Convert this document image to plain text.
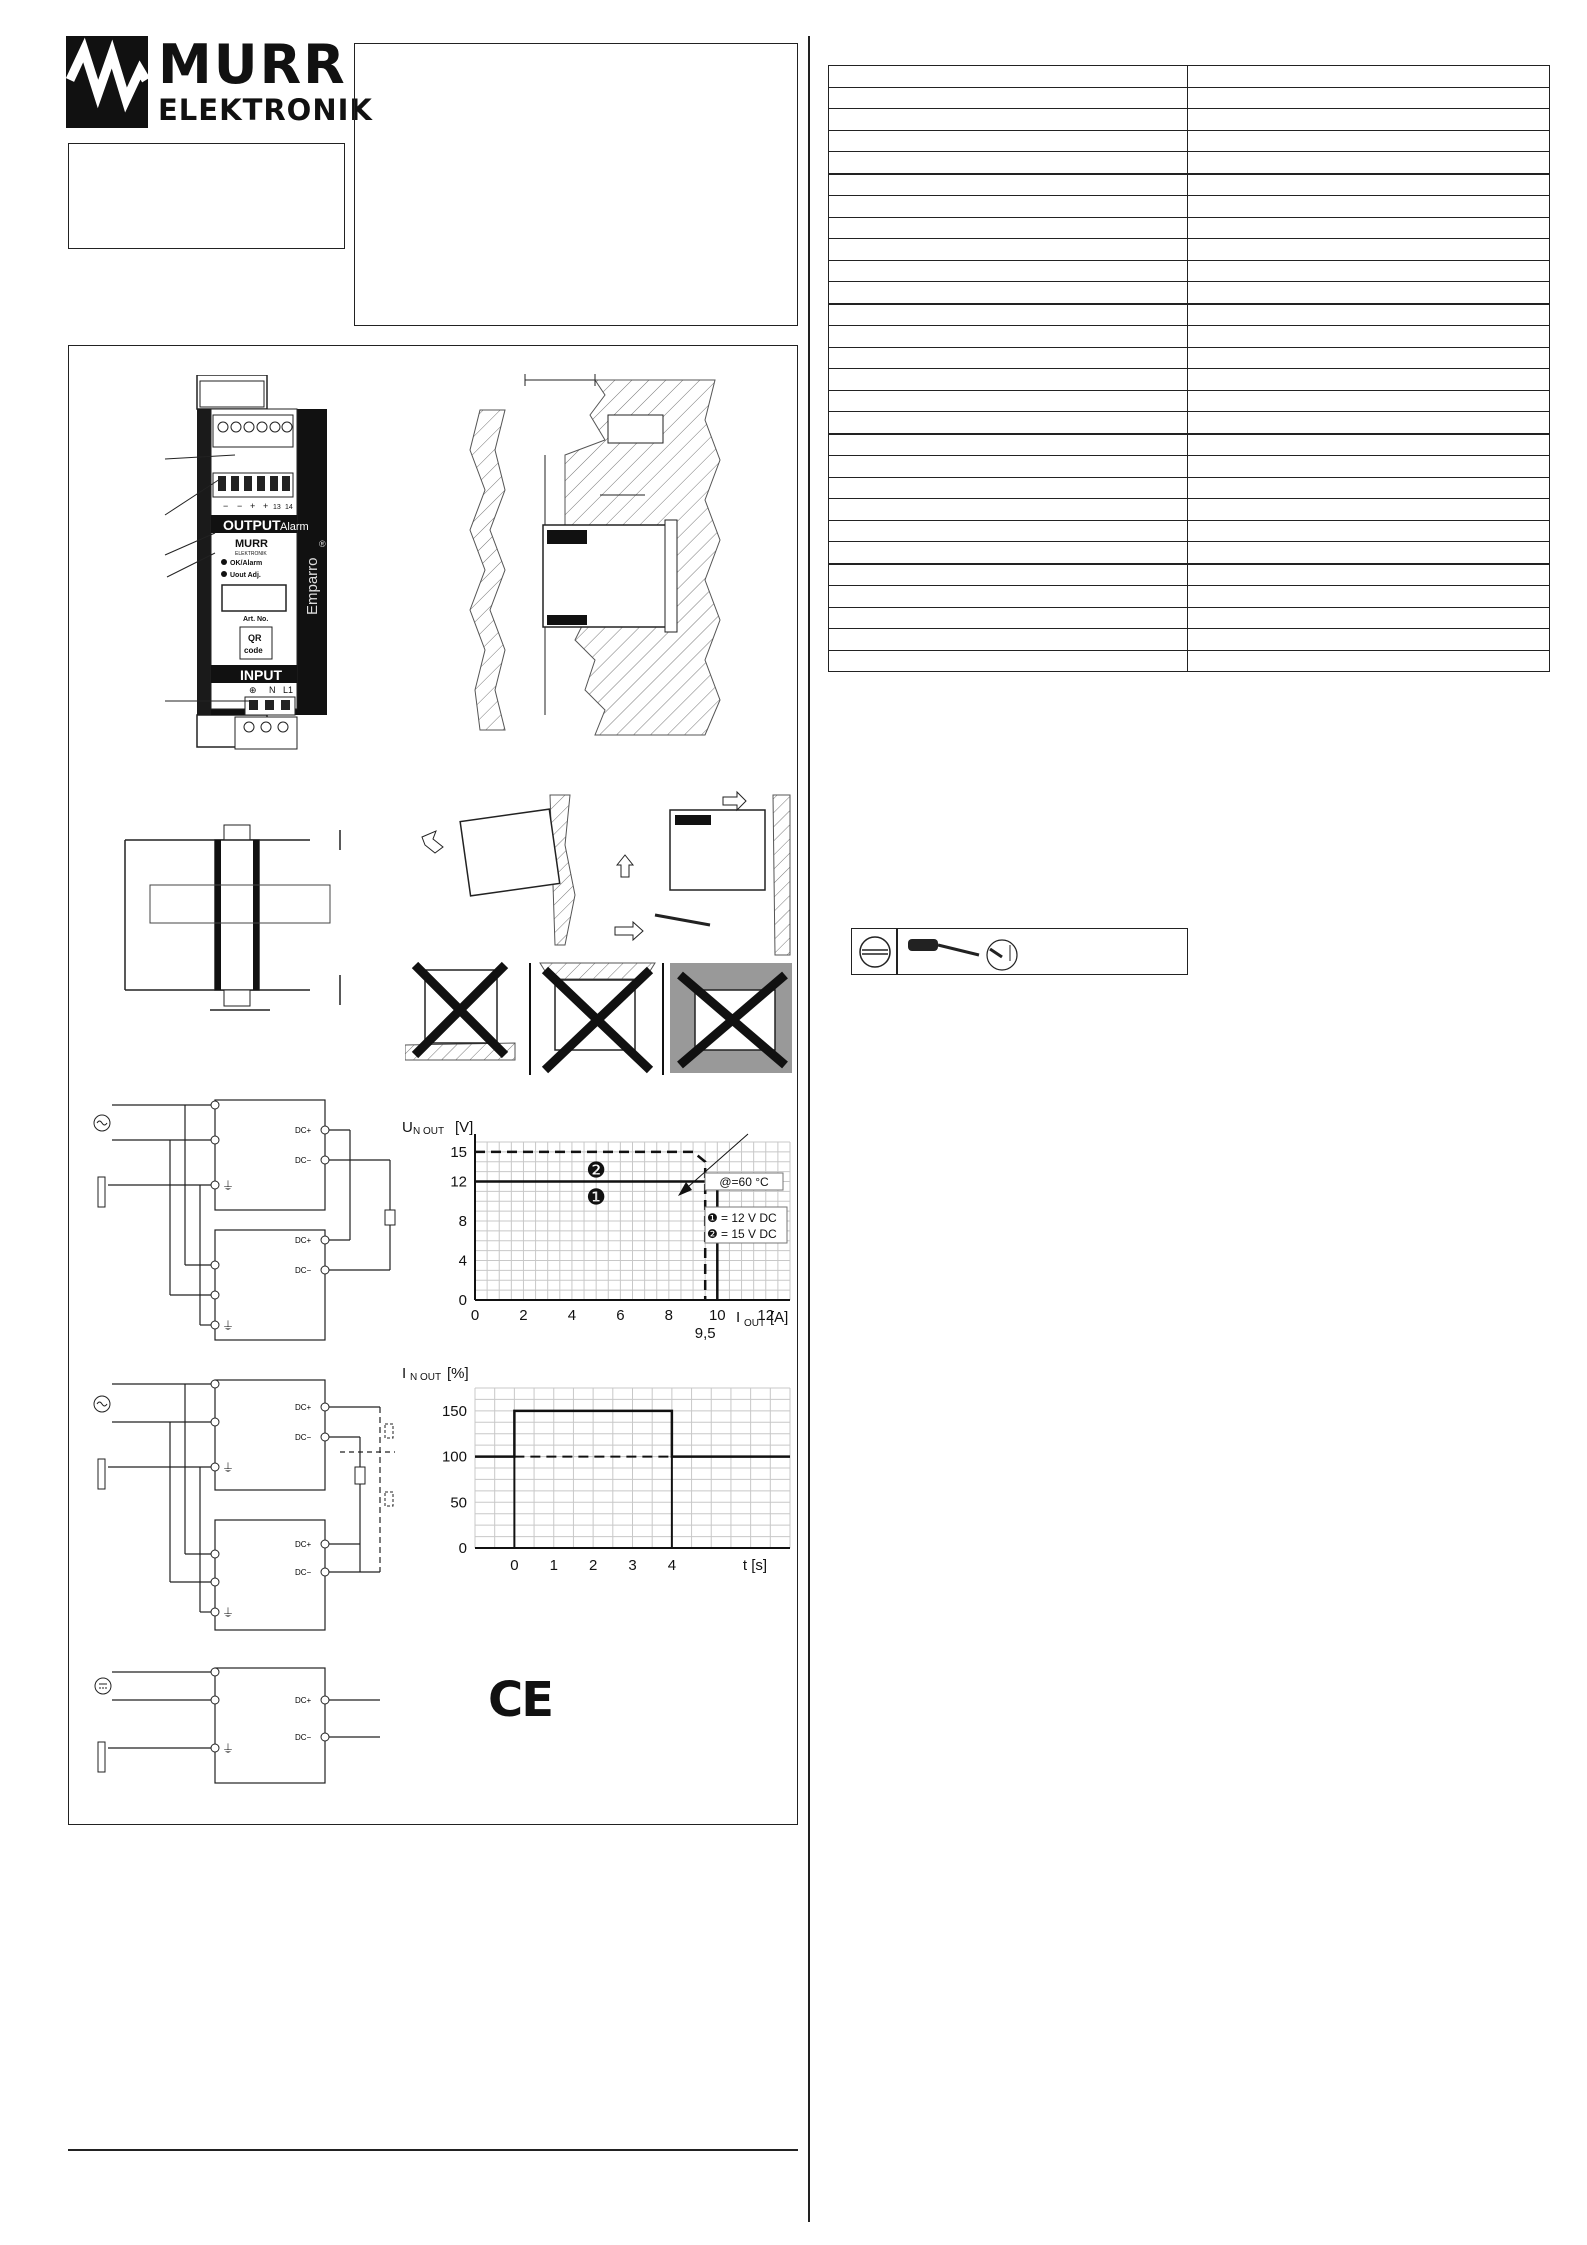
MURR
ELEKTRONIK

− − + + 13 14
OUTPUT Alarm
MURR
ELEKTRONIK
OK/Alarm
Uout Adj.
Art. No.
QR
code
INPUT
⊕ N L1
Emparro
®
DC+
DC−
DC+
DC−
⏚
⏚
DC+
DC−
DC+
DC−
⏚
⏚
DC+
DC−
⏚
CE
0
4
8
12
15
0	2	4	6	8 10 12
9,5
U N OUT [V]
I OUT [A]
❷
❶
@=60 °C
❶ = 12 V DC
❷ = 15 V DC
0
50
100
150
0 1 2 3 4
I N OUT [%]
t [s]
